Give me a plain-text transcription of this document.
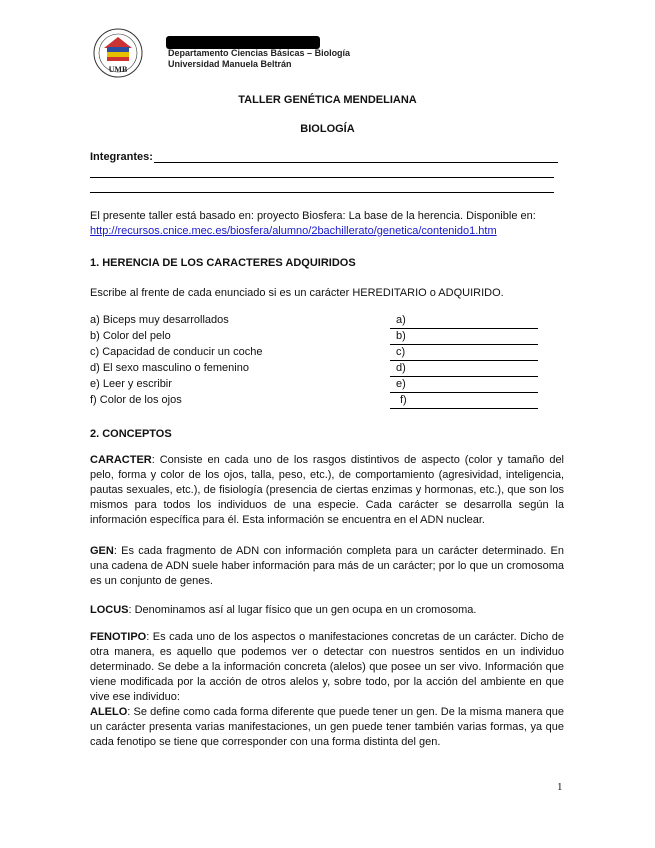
UMB
Departamento Ciencias Básicas – Biología
Universidad Manuela Beltrán
TALLER GENÉTICA MENDELIANA
BIOLOGÍA
Integrantes:
El presente taller está basado en: proyecto Biosfera: La base de la herencia. Disponible en:
http://recursos.cnice.mec.es/biosfera/alumno/2bachillerato/genetica/contenido1.htm
1. HERENCIA DE LOS CARACTERES ADQUIRIDOS
Escribe al frente de cada enunciado si es un carácter HEREDITARIO o ADQUIRIDO.
a) Biceps muy desarrollados
b) Color del pelo
c) Capacidad de conducir un coche
d) El sexo masculino o femenino
e) Leer y escribir
f) Color de los ojos
a)
b)
c)
d)
e)
f)
2. CONCEPTOS
CARACTER: Consiste en cada uno de los rasgos distintivos de aspecto (color y tamaño del pelo, forma y color de los ojos, talla, peso, etc.), de comportamiento (agresividad, inteligencia, pautas sexuales, etc.), de fisiología (presencia de ciertas enzimas y hormonas, etc.), que son los mismos para todos los individuos de una especie. Cada carácter se desarrolla según la información específica para él. Esta información se encuentra en el ADN nuclear.
GEN: Es cada fragmento de ADN con información completa para un carácter determinado. En una cadena de ADN suele haber información para más de un carácter; por lo que un cromosoma es un conjunto de genes.
LOCUS: Denominamos así al lugar físico que un gen ocupa en un cromosoma.
FENOTIPO: Es cada uno de los aspectos o manifestaciones concretas de un carácter. Dicho de otra manera, es aquello que podemos ver o detectar con nuestros sentidos en un individuo determinado. Se debe a la información concreta (alelos) que posee un ser vivo. Información que viene modificada por la acción de otros alelos y, sobre todo, por la acción del ambiente en que vive ese individuo:
ALELO: Se define como cada forma diferente que puede tener un gen. De la misma manera que un carácter presenta varias manifestaciones, un gen puede tener también varias formas, ya que cada fenotipo se tiene que corresponder con una forma distinta del gen.
1
